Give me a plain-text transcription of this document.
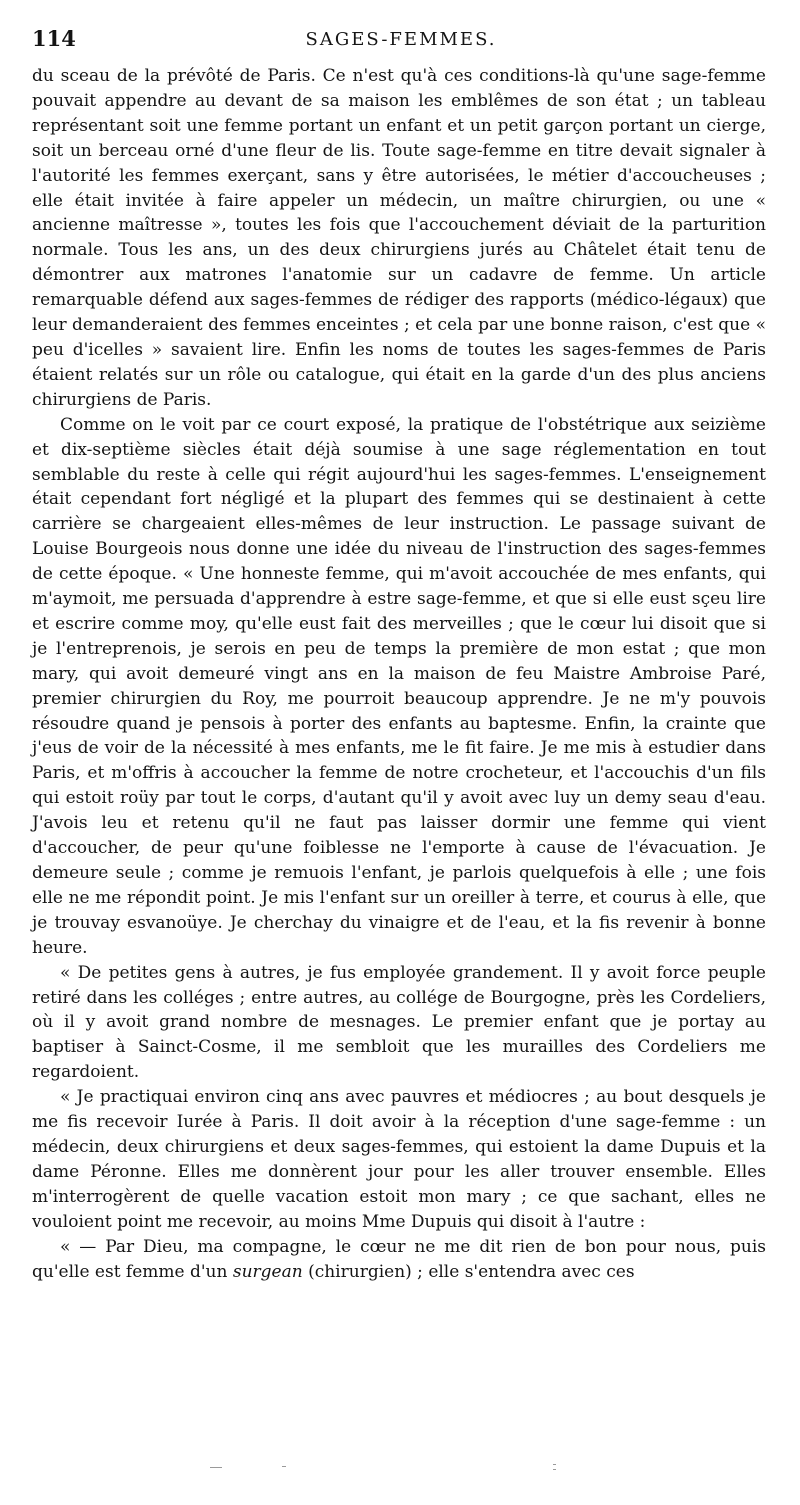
114	SAGES-FEMMES.

du sceau de la prévôté de Paris. Ce n'est qu'à ces conditions-là qu'une sage-femme pouvait appendre au devant de sa maison les emblêmes de son état ; un tableau représentant soit une femme portant un enfant et un petit garçon portant un cierge, soit un berceau orné d'une fleur de lis. Toute sage-femme en titre devait signaler à l'autorité les femmes exerçant, sans y être autorisées, le métier d'accoucheuses ; elle était invitée à faire appeler un médecin, un maître chirurgien, ou une « ancienne maîtresse », toutes les fois que l'accouchement déviait de la parturition normale. Tous les ans, un des deux chirurgiens jurés au Châtelet était tenu de démontrer aux matrones l'anatomie sur un cadavre de femme. Un article remarquable défend aux sages-femmes de rédiger des rapports (médico-légaux) que leur demanderaient des femmes enceintes ; et cela par une bonne raison, c'est que « peu d'icelles » savaient lire. Enfin les noms de toutes les sages-femmes de Paris étaient relatés sur un rôle ou catalogue, qui était en la garde d'un des plus anciens chirurgiens de Paris.

Comme on le voit par ce court exposé, la pratique de l'obstétrique aux seizième et dix-septième siècles était déjà soumise à une sage réglementation en tout semblable du reste à celle qui régit aujourd'hui les sages-femmes. L'enseignement était cependant fort négligé et la plupart des femmes qui se destinaient à cette carrière se chargeaient elles-mêmes de leur instruction. Le passage suivant de Louise Bourgeois nous donne une idée du niveau de l'instruction des sages-femmes de cette époque. « Une honneste femme, qui m'avoit accouchée de mes enfants, qui m'aymoit, me persuada d'apprendre à estre sage-femme, et que si elle eust sçeu lire et escrire comme moy, qu'elle eust fait des merveilles ; que le cœur lui disoit que si je l'entreprenois, je serois en peu de temps la première de mon estat ; que mon mary, qui avoit demeuré vingt ans en la maison de feu Maistre Ambroise Paré, premier chirurgien du Roy, me pourroit beaucoup apprendre. Je ne m'y pouvois résoudre quand je pensois à porter des enfants au baptesme. Enfin, la crainte que j'eus de voir de la nécessité à mes enfants, me le fit faire. Je me mis à estudier dans Paris, et m'offris à accoucher la femme de notre crocheteur, et l'accouchis d'un fils qui estoit roüy par tout le corps, d'autant qu'il y avoit avec luy un demy seau d'eau. J'avois leu et retenu qu'il ne faut pas laisser dormir une femme qui vient d'accoucher, de peur qu'une foiblesse ne l'emporte à cause de l'évacuation. Je demeure seule ; comme je remuois l'enfant, je parlois quelquefois à elle ; une fois elle ne me répondit point. Je mis l'enfant sur un oreiller à terre, et courus à elle, que je trouvay esvanoüye. Je cherchay du vinaigre et de l'eau, et la fis revenir à bonne heure.

« De petites gens à autres, je fus employée grandement. Il y avoit force peuple retiré dans les colléges ; entre autres, au collége de Bourgogne, près les Cordeliers, où il y avoit grand nombre de mesnages. Le premier enfant que je portay au baptiser à Sainct-Cosme, il me sembloit que les murailles des Cordeliers me regardoient.

« Je practiquai environ cinq ans avec pauvres et médiocres ; au bout desquels je me fis recevoir Iurée à Paris. Il doit avoir à la réception d'une sage-femme : un médecin, deux chirurgiens et deux sages-femmes, qui estoient la dame Dupuis et la dame Péronne. Elles me donnèrent jour pour les aller trouver ensemble. Elles m'interrogèrent de quelle vacation estoit mon mary ; ce que sachant, elles ne vouloient point me recevoir, au moins Mme Dupuis qui disoit à l'autre :

« — Par Dieu, ma compagne, le cœur ne me dit rien de bon pour nous, puis qu'elle est femme d'un surgean (chirurgien) ; elle s'entendra avec ces
